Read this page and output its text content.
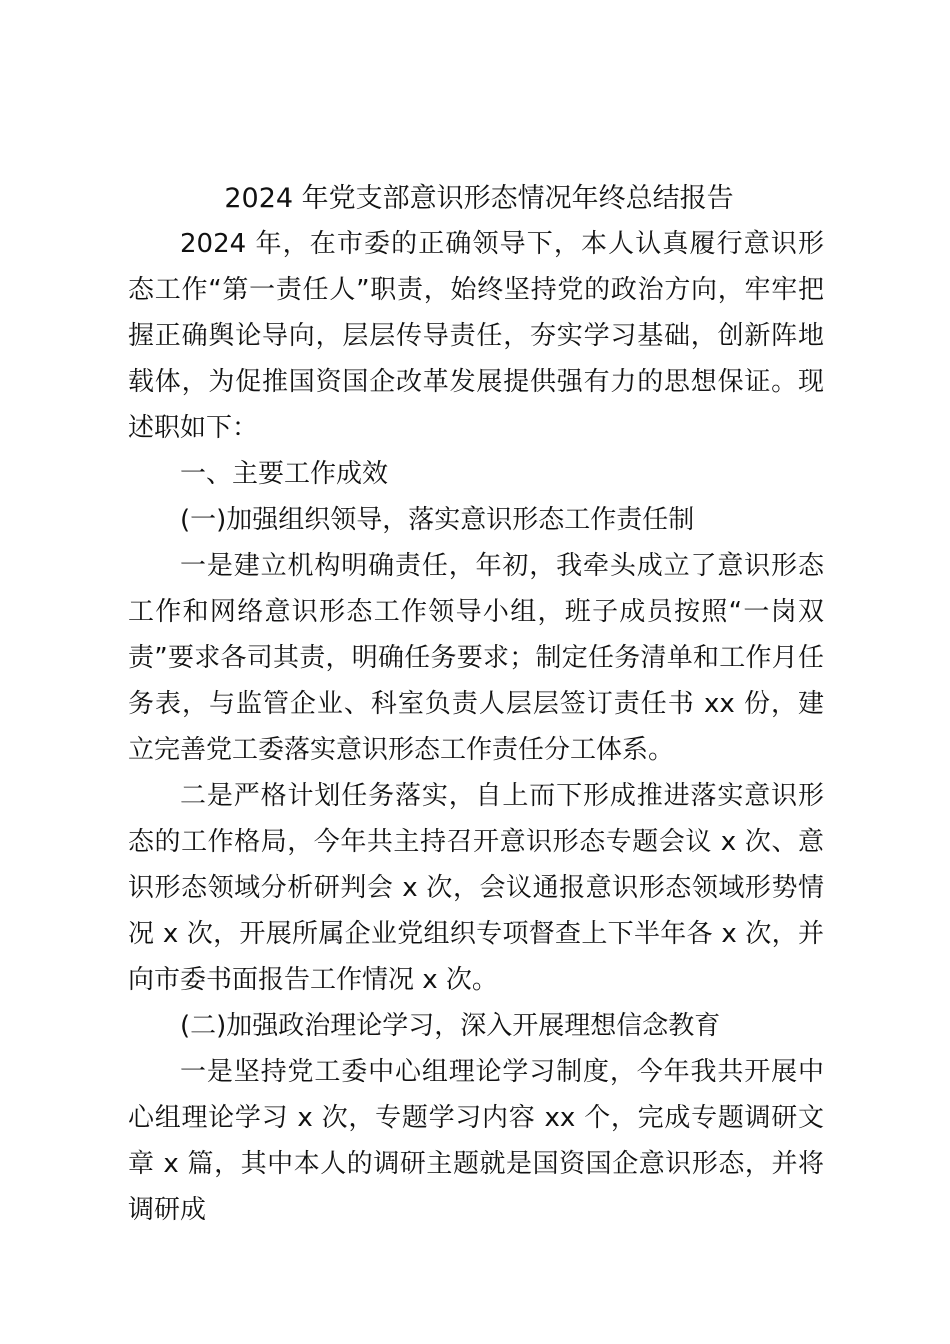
2024 年党支部意识形态情况年终总结报告

2024 年，在市委的正确领导下，本人认真履行意识形态工作“第一责任人”职责，始终坚持党的政治方向，牢牢把握正确舆论导向，层层传导责任，夯实学习基础，创新阵地载体，为促推国资国企改革发展提供强有力的思想保证。现述职如下：

一、主要工作成效

(一)加强组织领导，落实意识形态工作责任制

一是建立机构明确责任，年初，我牵头成立了意识形态工作和网络意识形态工作领导小组，班子成员按照“一岗双责”要求各司其责，明确任务要求；制定任务清单和工作月任务表，与监管企业、科室负责人层层签订责任书 xx 份，建立完善党工委落实意识形态工作责任分工体系。

二是严格计划任务落实，自上而下形成推进落实意识形态的工作格局，今年共主持召开意识形态专题会议 x 次、意识形态领域分析研判会 x 次，会议通报意识形态领域形势情况 x 次，开展所属企业党组织专项督查上下半年各 x 次，并向市委书面报告工作情况 x 次。

(二)加强政治理论学习，深入开展理想信念教育

一是坚持党工委中心组理论学习制度，今年我共开展中心组理论学习 x 次，专题学习内容 xx 个，完成专题调研文章 x 篇，其中本人的调研主题就是国资国企意识形态，并将调研成
